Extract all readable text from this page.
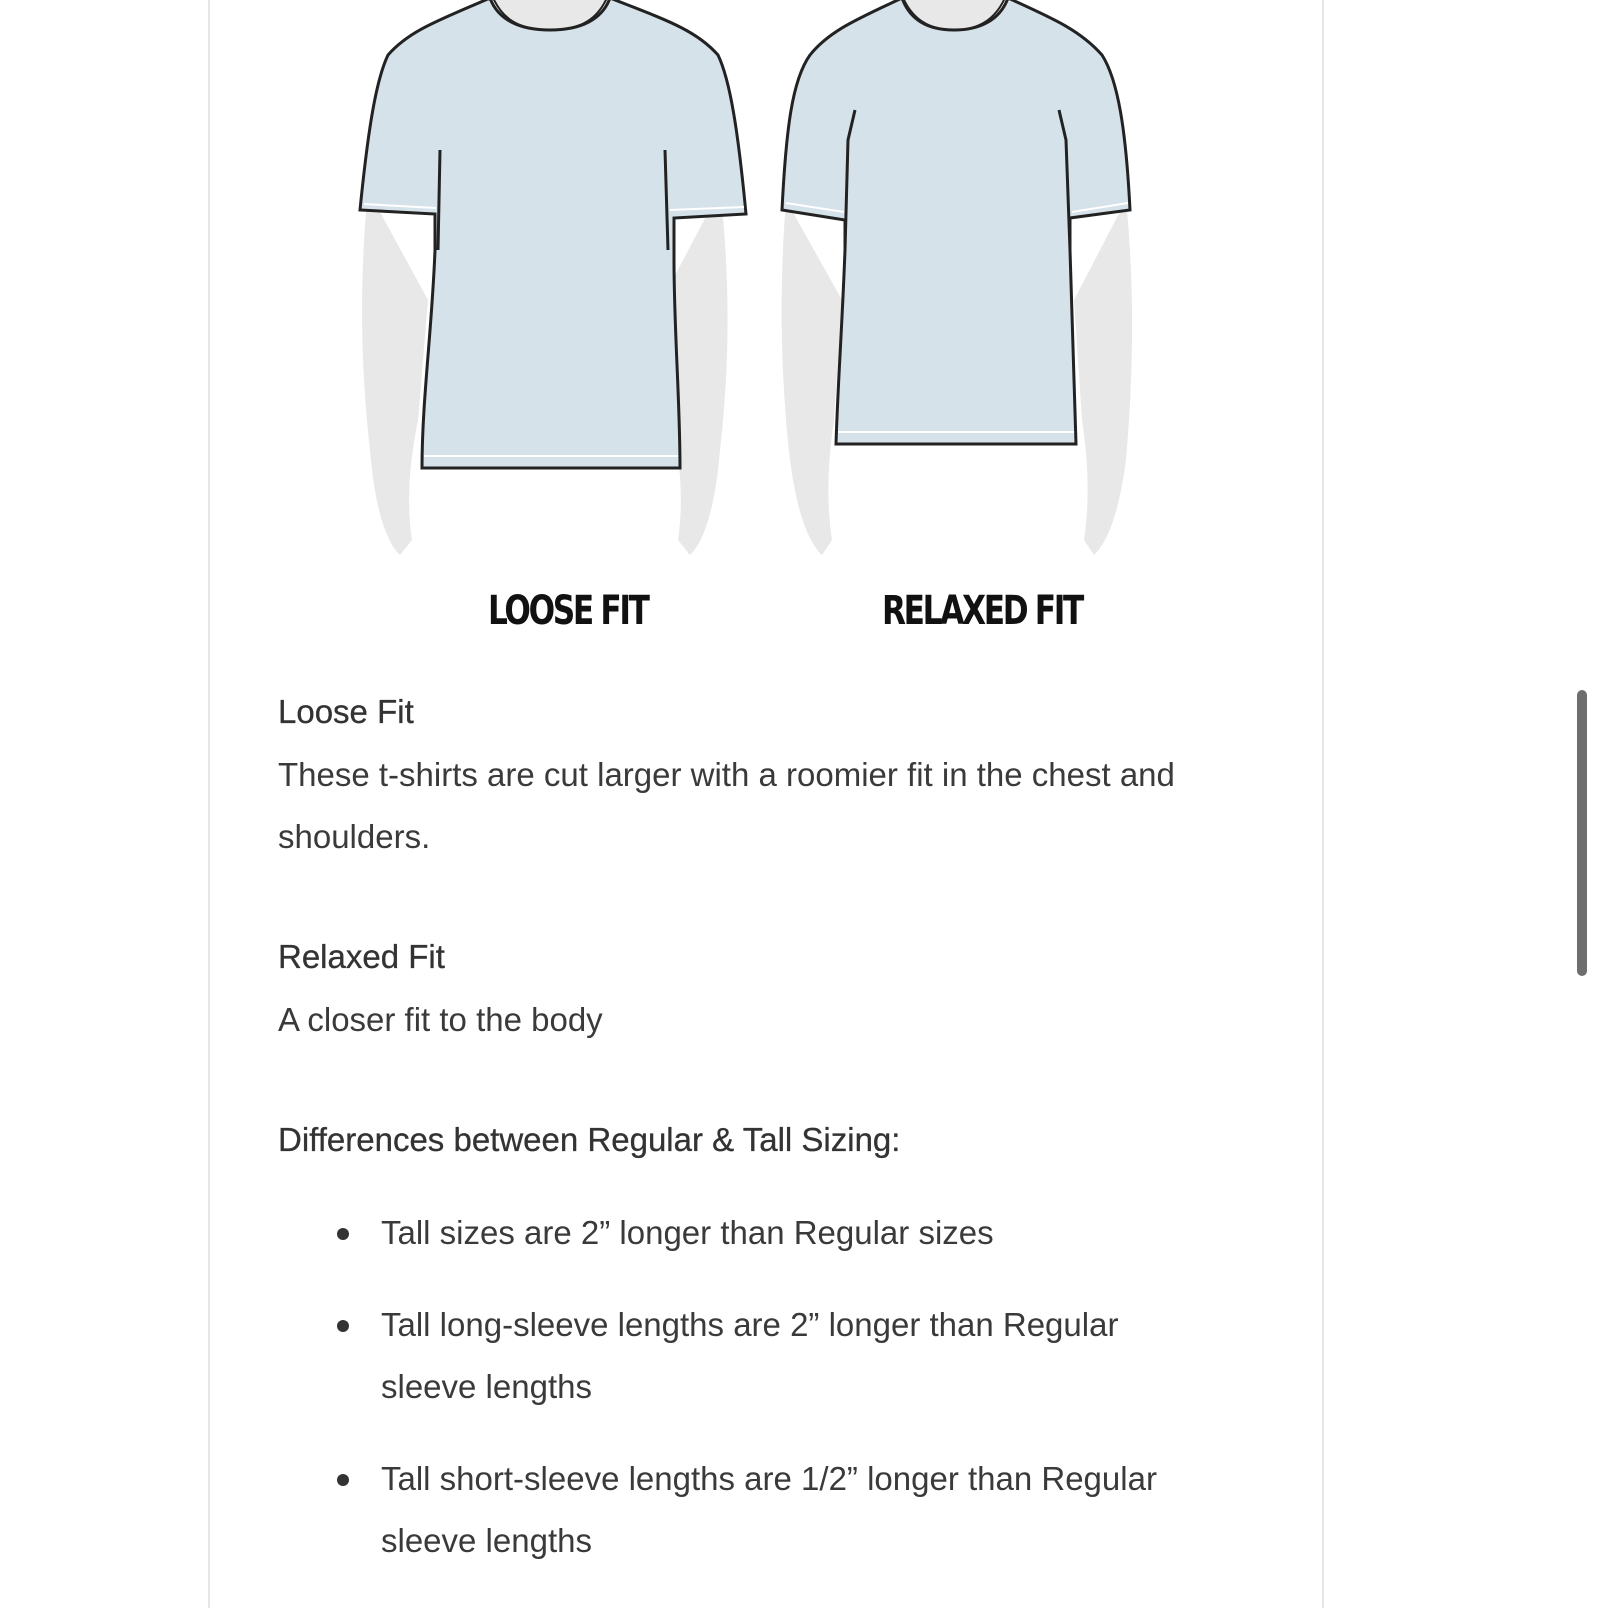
LOOSE FIT	RELAXED FIT

Loose Fit

These t-shirts are cut larger with a roomier fit in the chest and shoulders.

Relaxed Fit

A closer fit to the body

Differences between Regular & Tall Sizing:
Tall sizes are 2” longer than Regular sizes
Tall long-sleeve lengths are 2” longer than Regular sleeve lengths
Tall short-sleeve lengths are 1/2” longer than Regular sleeve lengths
